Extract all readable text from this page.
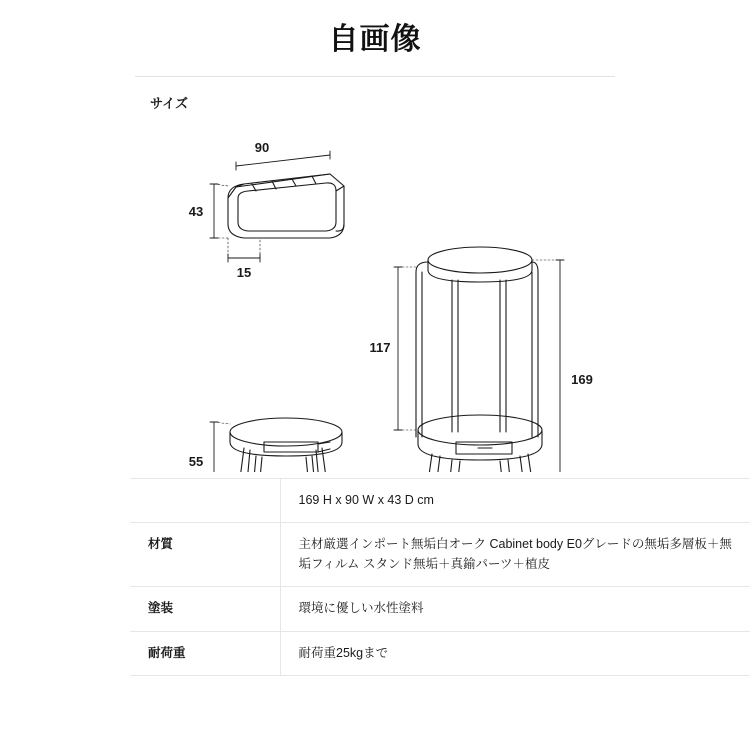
自画像
サイズ
90
43
15
55
117
169
	169 H x 90 W x 43 D cm
材質	主材厳選インポート無垢白オーク Cabinet body E0グレードの無垢多層板＋無垢フィルム スタンド無垢＋真鍮パーツ＋植皮
塗装	環境に優しい水性塗料
耐荷重	耐荷重25kgまで
